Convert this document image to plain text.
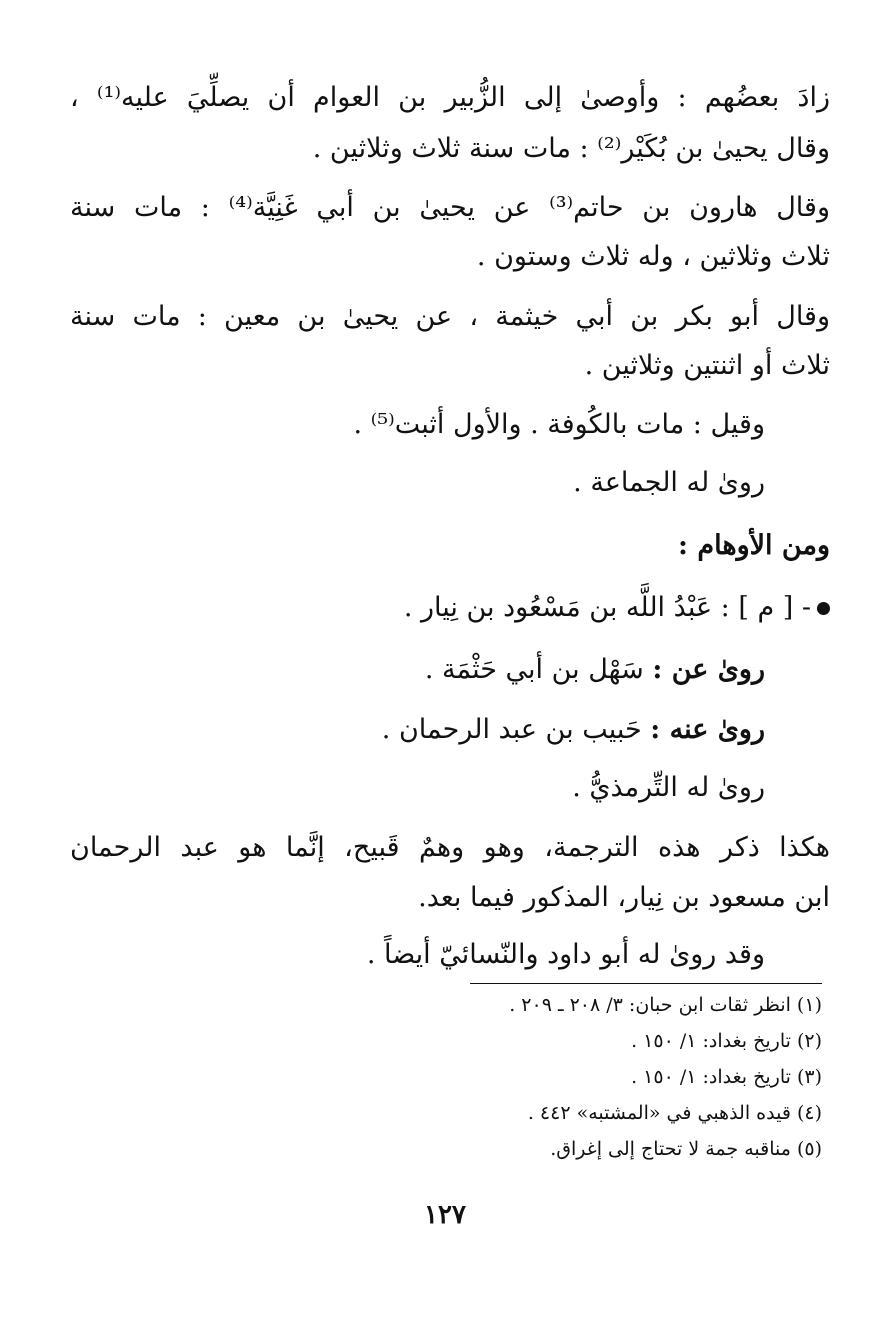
زادَ بعضُهم : وأوصىٰ إلى الزُّبير بن العوام أن يصلِّيَ عليه⁽¹⁾ ،
وقال يحيىٰ بن بُكَيْر⁽²⁾ : مات سنة ثلاث وثلاثين .
وقال هارون بن حاتم⁽³⁾ عن يحيىٰ بن أبي غَنِيَّة⁽⁴⁾ : مات سنة
ثلاث وثلاثين ، وله ثلاث وستون .
وقال أبو بكر بن أبي خيثمة ، عن يحيىٰ بن معين : مات سنة
ثلاث أو اثنتين وثلاثين .
وقيل : مات بالكُوفة . والأول أثبت⁽⁵⁾ .
روىٰ له الجماعة .
ومن الأوهام :
- [ م ] : عَبْدُ اللَّه بن مَسْعُود بن نِيار .
روىٰ عن : سَهْل بن أبي حَثْمَة .
روىٰ عنه : حَبيب بن عبد الرحمان .
روىٰ له التِّرمذيُّ .
هكذا ذكر هذه الترجمة، وهو وهمٌ قَبيح، إنَّما هو عبد الرحمان
ابن مسعود بن نِيار، المذكور فيما بعد.
وقد روىٰ له أبو داود والنّسائيّ أيضاً .
(١) انظر ثقات ابن حبان: ٣/ ٢٠٨ ـ ٢٠٩ .
(٢) تاريخ بغداد: ١/ ١٥٠ .
(٣) تاريخ بغداد: ١/ ١٥٠ .
(٤) قيده الذهبي في «المشتبه» ٤٤٢ .
(٥) مناقبه جمة لا تحتاج إلى إغراق.
١٢٧
